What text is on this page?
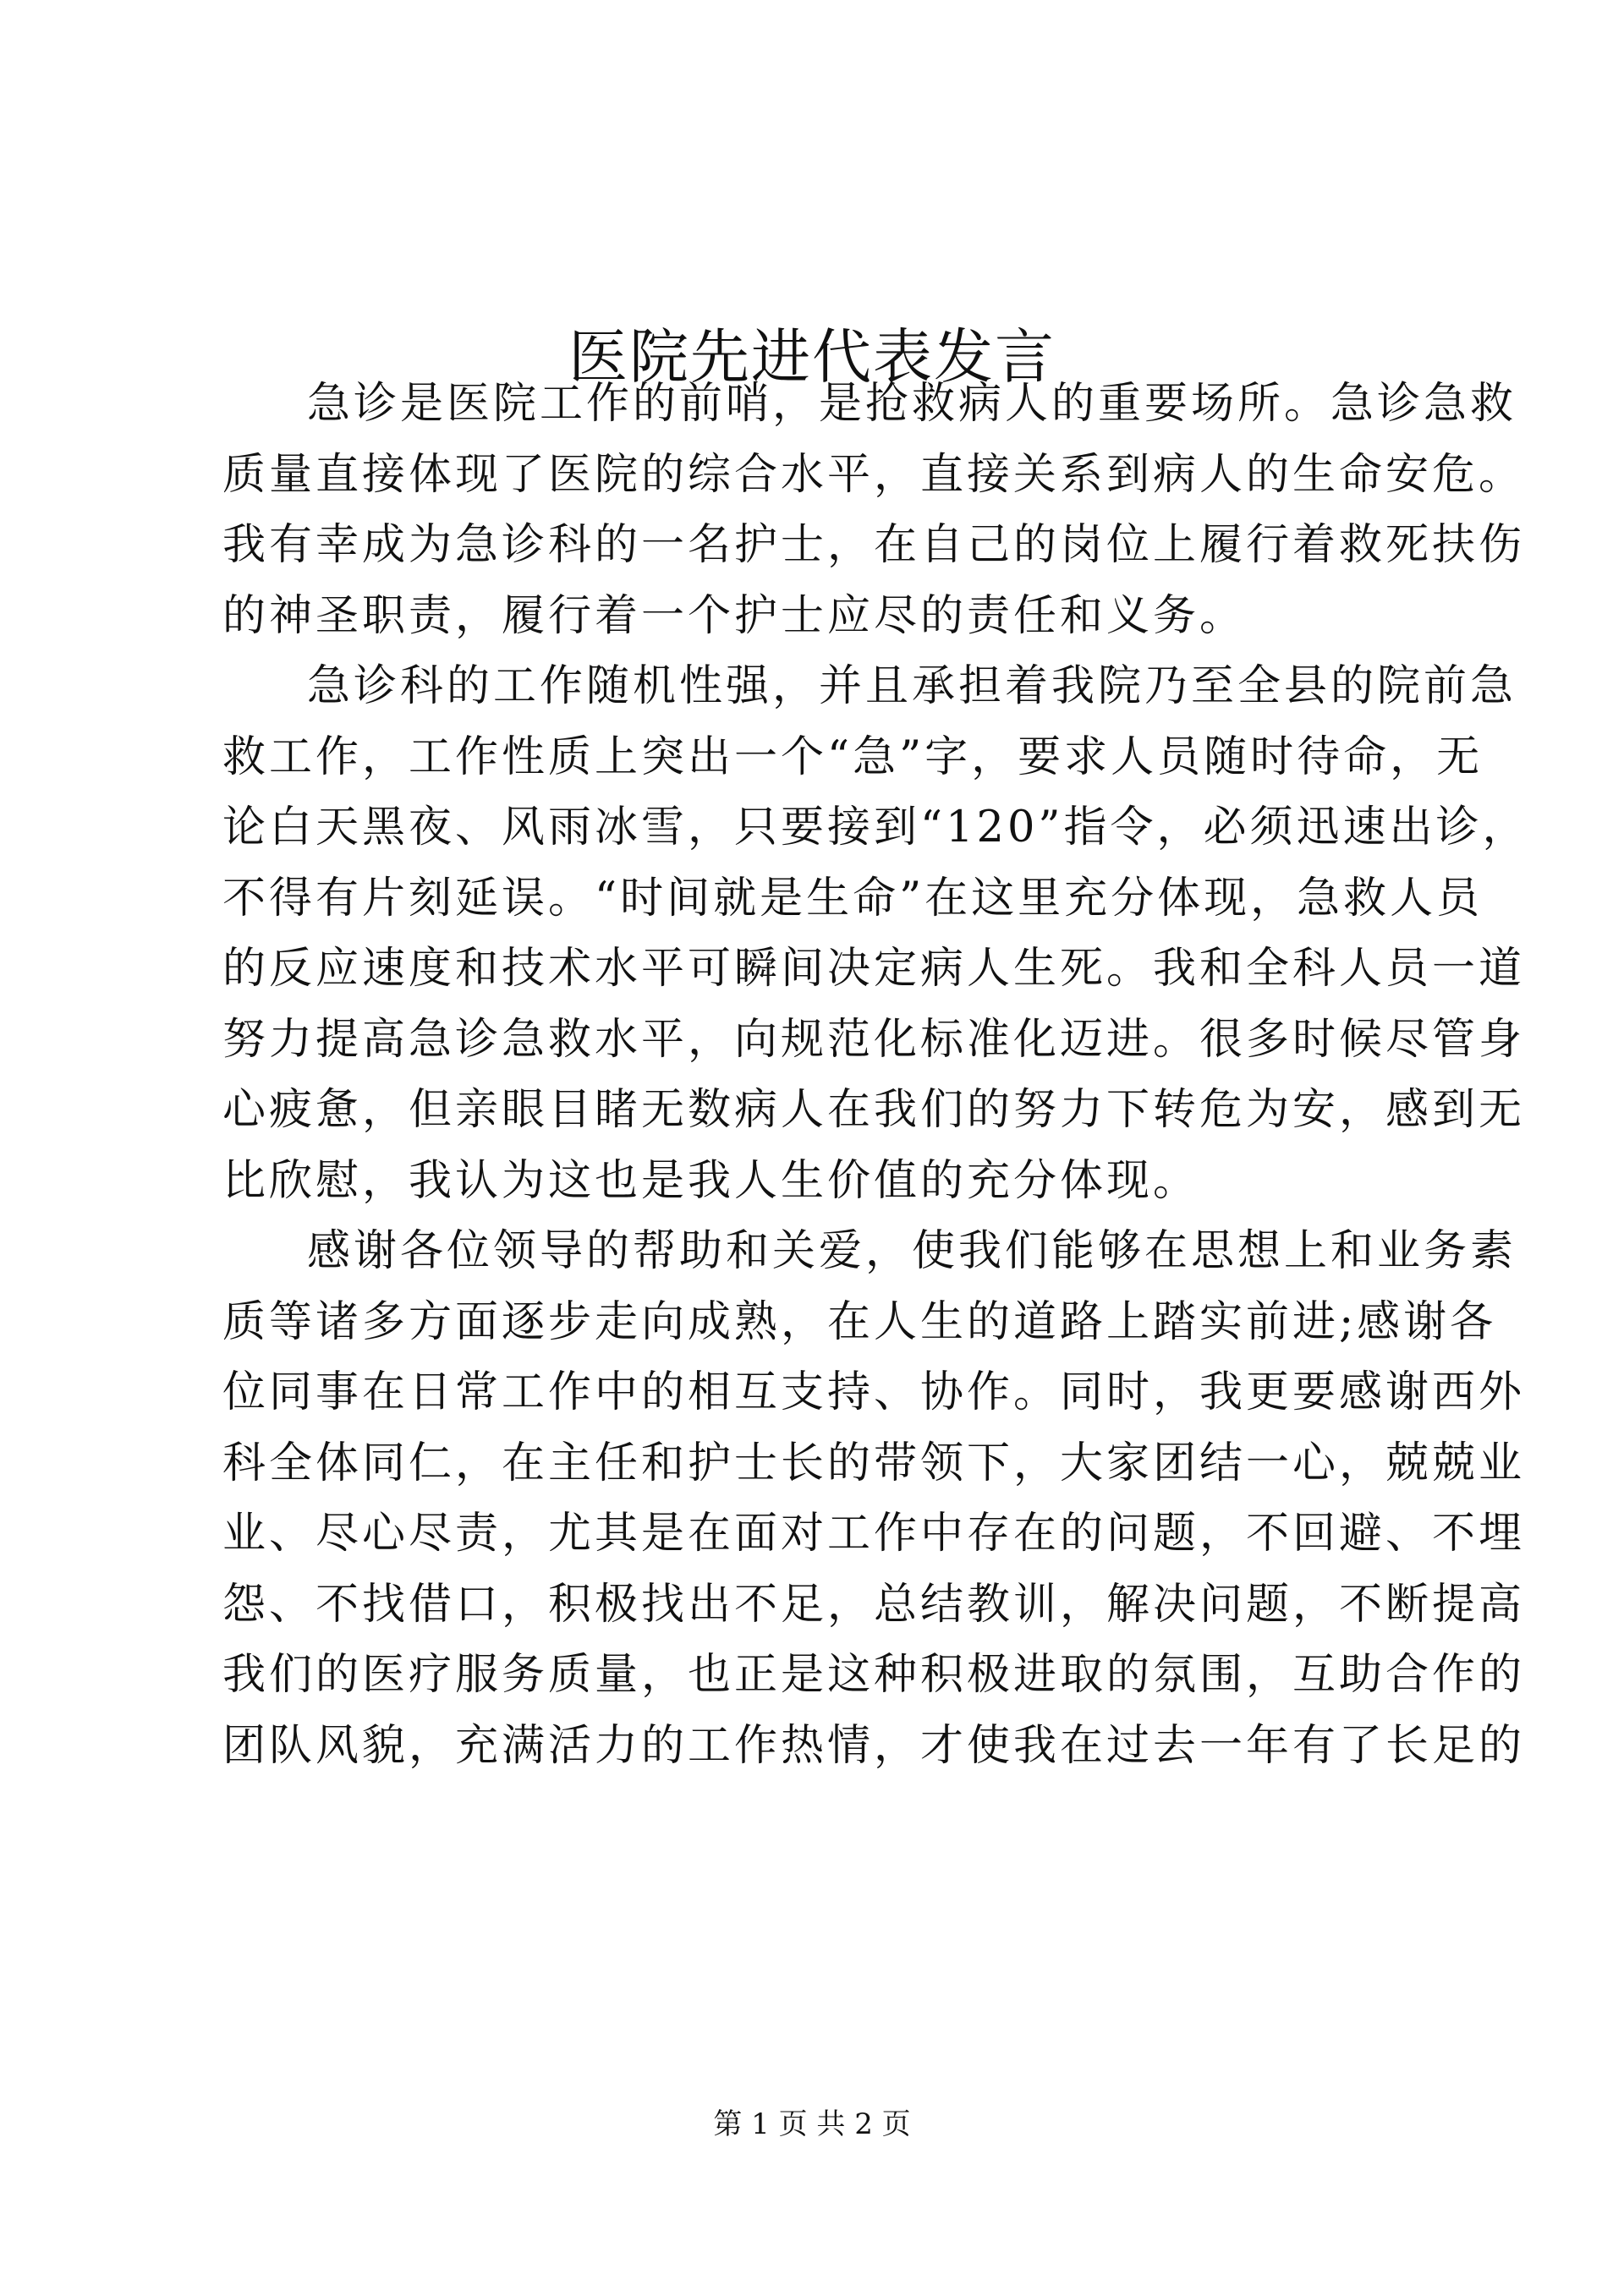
医院先进代表发言
急诊是医院工作的前哨，是抢救病人的重要场所。急诊急救
质量直接体现了医院的综合水平，直接关系到病人的生命安危。
我有幸成为急诊科的一名护士，在自己的岗位上履行着救死扶伤
的神圣职责，履行着一个护士应尽的责任和义务。
急诊科的工作随机性强，并且承担着我院乃至全县的院前急
救工作，工作性质上突出一个“急”字，要求人员随时待命，无
论白天黑夜、风雨冰雪，只要接到“120”指令，必须迅速出诊，
不得有片刻延误。“时间就是生命”在这里充分体现，急救人员
的反应速度和技术水平可瞬间决定病人生死。我和全科人员一道
努力提高急诊急救水平，向规范化标准化迈进。很多时候尽管身
心疲惫，但亲眼目睹无数病人在我们的努力下转危为安，感到无
比欣慰，我认为这也是我人生价值的充分体现。
感谢各位领导的帮助和关爱，使我们能够在思想上和业务素
质等诸多方面逐步走向成熟，在人生的道路上踏实前进;感谢各
位同事在日常工作中的相互支持、协作。同时，我更要感谢西外
科全体同仁，在主任和护士长的带领下，大家团结一心，兢兢业
业、尽心尽责，尤其是在面对工作中存在的问题，不回避、不埋
怨、不找借口，积极找出不足，总结教训，解决问题，不断提高
我们的医疗服务质量，也正是这种积极进取的氛围，互助合作的
团队风貌，充满活力的工作热情，才使我在过去一年有了长足的
第 1 页 共 2 页
